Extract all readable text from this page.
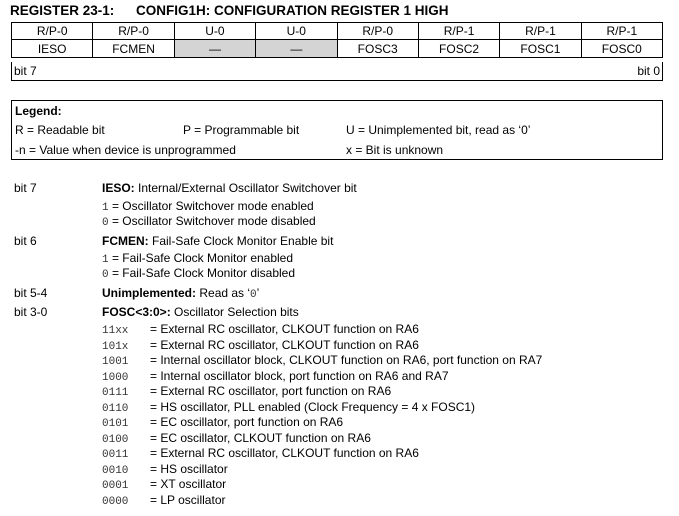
REGISTER 23-1: CONFIG1H: CONFIGURATION REGISTER 1 HIGH
R/P-0	R/P-0	U-0	U-0	R/P-0	R/P-1	R/P-1	R/P-1
IESO	FCMEN	—	—	FOSC3	FOSC2	FOSC1	FOSC0
bit 7	bit 0
Legend:
R = Readable bit	P = Programmable bit	U = Unimplemented bit, read as ‘0’
-n = Value when device is unprogrammed	x = Bit is unknown
bit 7	IESO: Internal/External Oscillator Switchover bit
1 = Oscillator Switchover mode enabled
0 = Oscillator Switchover mode disabled
bit 6	FCMEN: Fail-Safe Clock Monitor Enable bit
1 = Fail-Safe Clock Monitor enabled
0 = Fail-Safe Clock Monitor disabled
bit 5-4	Unimplemented: Read as ‘0’
bit 3-0	FOSC<3:0>: Oscillator Selection bits
11xx = External RC oscillator, CLKOUT function on RA6
101x = External RC oscillator, CLKOUT function on RA6
1001 = Internal oscillator block, CLKOUT function on RA6, port function on RA7
1000 = Internal oscillator block, port function on RA6 and RA7
0111 = External RC oscillator, port function on RA6
0110 = HS oscillator, PLL enabled (Clock Frequency = 4 x FOSC1)
0101 = EC oscillator, port function on RA6
0100 = EC oscillator, CLKOUT function on RA6
0011 = External RC oscillator, CLKOUT function on RA6
0010 = HS oscillator
0001 = XT oscillator
0000 = LP oscillator
